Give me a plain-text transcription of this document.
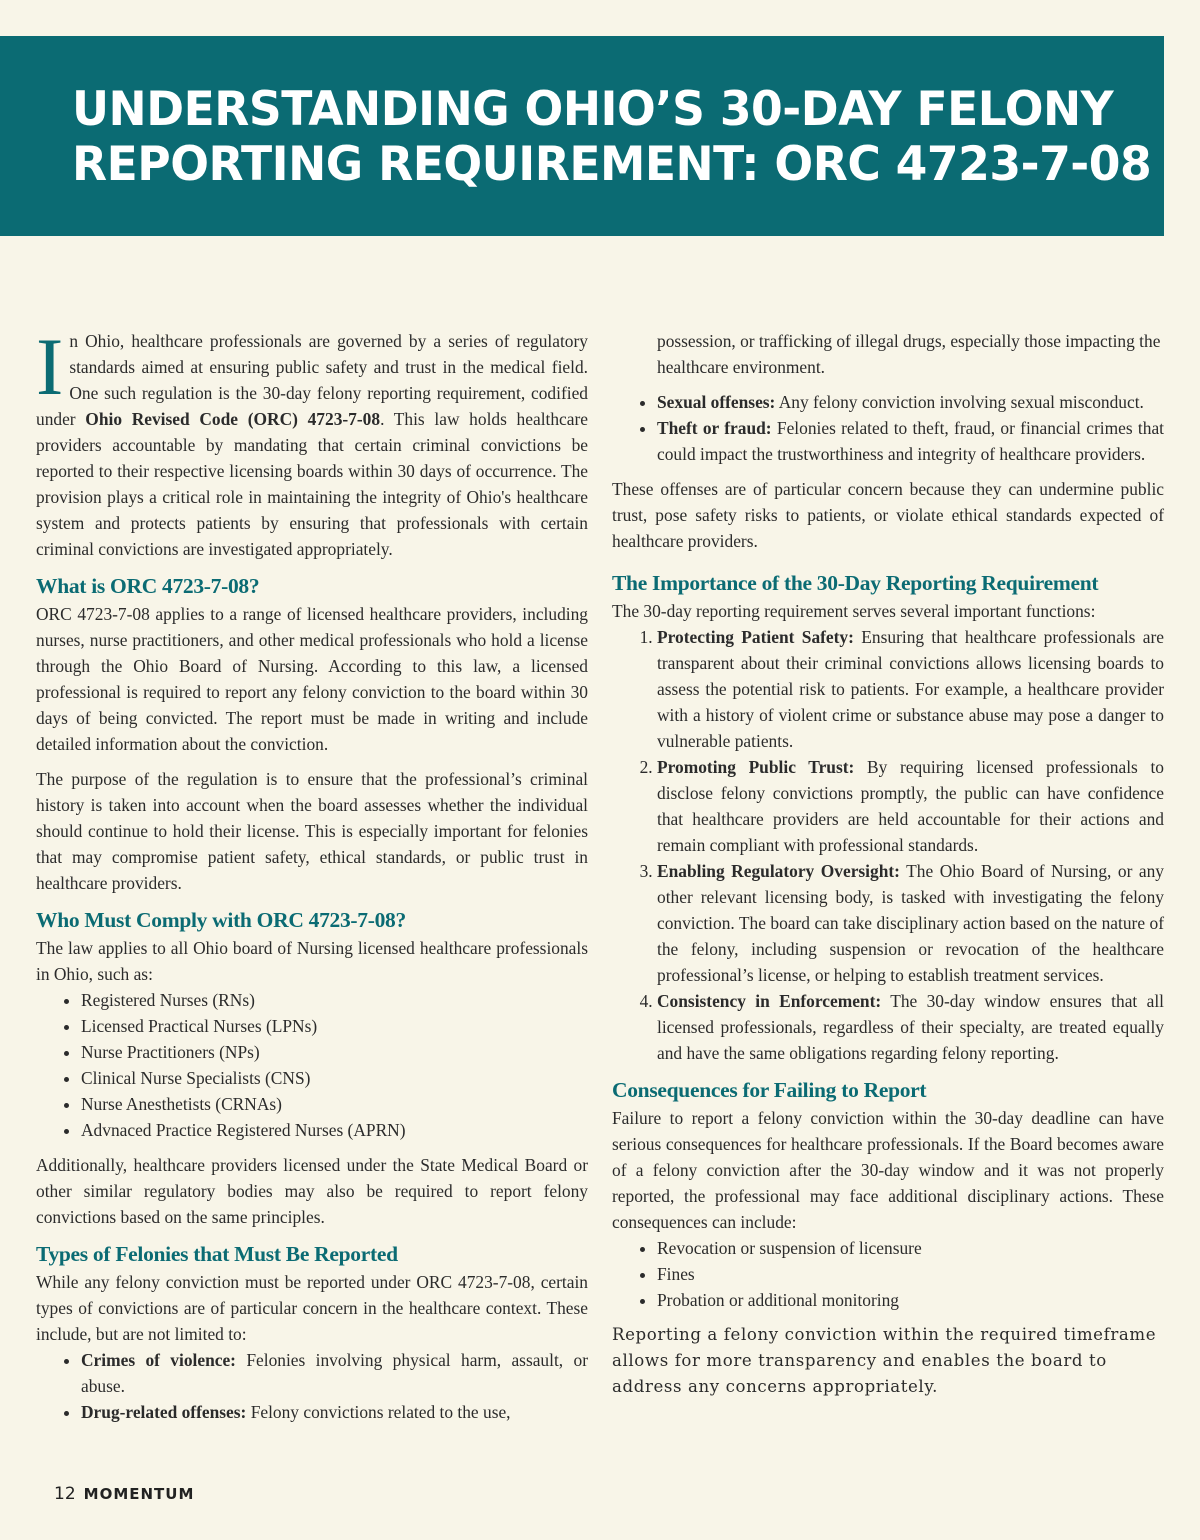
UNDERSTANDING OHIO’S 30-DAY FELONY
REPORTING REQUIREMENT: ORC 4723-7-08

In Ohio, healthcare professionals are governed by a series of regulatory standards aimed at ensuring public safety and trust in the medical field. One such regulation is the 30-day felony reporting requirement, codified under Ohio Revised Code (ORC) 4723-7-08. This law holds healthcare providers accountable by mandating that certain criminal convictions be reported to their respective licensing boards within 30 days of occurrence. The provision plays a critical role in maintaining the integrity of Ohio's healthcare system and protects patients by ensuring that professionals with certain criminal convictions are investigated appropriately.

What is ORC 4723-7-08?

ORC 4723-7-08 applies to a range of licensed healthcare providers, including nurses, nurse practitioners, and other medical professionals who hold a license through the Ohio Board of Nursing. According to this law, a licensed professional is required to report any felony conviction to the board within 30 days of being convicted. The report must be made in writing and include detailed information about the conviction.

The purpose of the regulation is to ensure that the professional’s criminal history is taken into account when the board assesses whether the individual should continue to hold their license. This is especially important for felonies that may compromise patient safety, ethical standards, or public trust in healthcare providers.

Who Must Comply with ORC 4723-7-08?

The law applies to all Ohio board of Nursing licensed healthcare professionals in Ohio, such as:

• Registered Nurses (RNs)
• Licensed Practical Nurses (LPNs)
• Nurse Practitioners (NPs)
• Clinical Nurse Specialists (CNS)
• Nurse Anesthetists (CRNAs)
• Advnaced Practice Registered Nurses (APRN)

Additionally, healthcare providers licensed under the State Medical Board or other similar regulatory bodies may also be required to report felony convictions based on the same principles.

Types of Felonies that Must Be Reported

While any felony conviction must be reported under ORC 4723-7-08, certain types of convictions are of particular concern in the healthcare context. These include, but are not limited to:

• Crimes of violence: Felonies involving physical harm, assault, or abuse.
• Drug-related offenses: Felony convictions related to the use,

possession, or trafficking of illegal drugs, especially those impacting the healthcare environment.

• Sexual offenses: Any felony conviction involving sexual misconduct.
• Theft or fraud: Felonies related to theft, fraud, or financial crimes that could impact the trustworthiness and integrity of healthcare providers.

These offenses are of particular concern because they can undermine public trust, pose safety risks to patients, or violate ethical standards expected of healthcare providers.

The Importance of the 30-Day Reporting Requirement

The 30-day reporting requirement serves several important functions:

1. Protecting Patient Safety: Ensuring that healthcare professionals are transparent about their criminal convictions allows licensing boards to assess the potential risk to patients. For example, a healthcare provider with a history of violent crime or substance abuse may pose a danger to vulnerable patients.
2. Promoting Public Trust: By requiring licensed professionals to disclose felony convictions promptly, the public can have confidence that healthcare providers are held accountable for their actions and remain compliant with professional standards.
3. Enabling Regulatory Oversight: The Ohio Board of Nursing, or any other relevant licensing body, is tasked with investigating the felony conviction. The board can take disciplinary action based on the nature of the felony, including suspension or revocation of the healthcare professional’s license, or helping to establish treatment services.
4. Consistency in Enforcement: The 30-day window ensures that all licensed professionals, regardless of their specialty, are treated equally and have the same obligations regarding felony reporting.
Consequences for Failing to Report

Failure to report a felony conviction within the 30-day deadline can have serious consequences for healthcare professionals. If the Board becomes aware of a felony conviction after the 30-day window and it was not properly reported, the professional may face additional disciplinary actions. These consequences can include:

• Revocation or suspension of licensure
• Fines
• Probation or additional monitoring

Reporting a felony conviction within the required timeframe allows for more transparency and enables the board to address any concerns appropriately.

12 MOMENTUM
